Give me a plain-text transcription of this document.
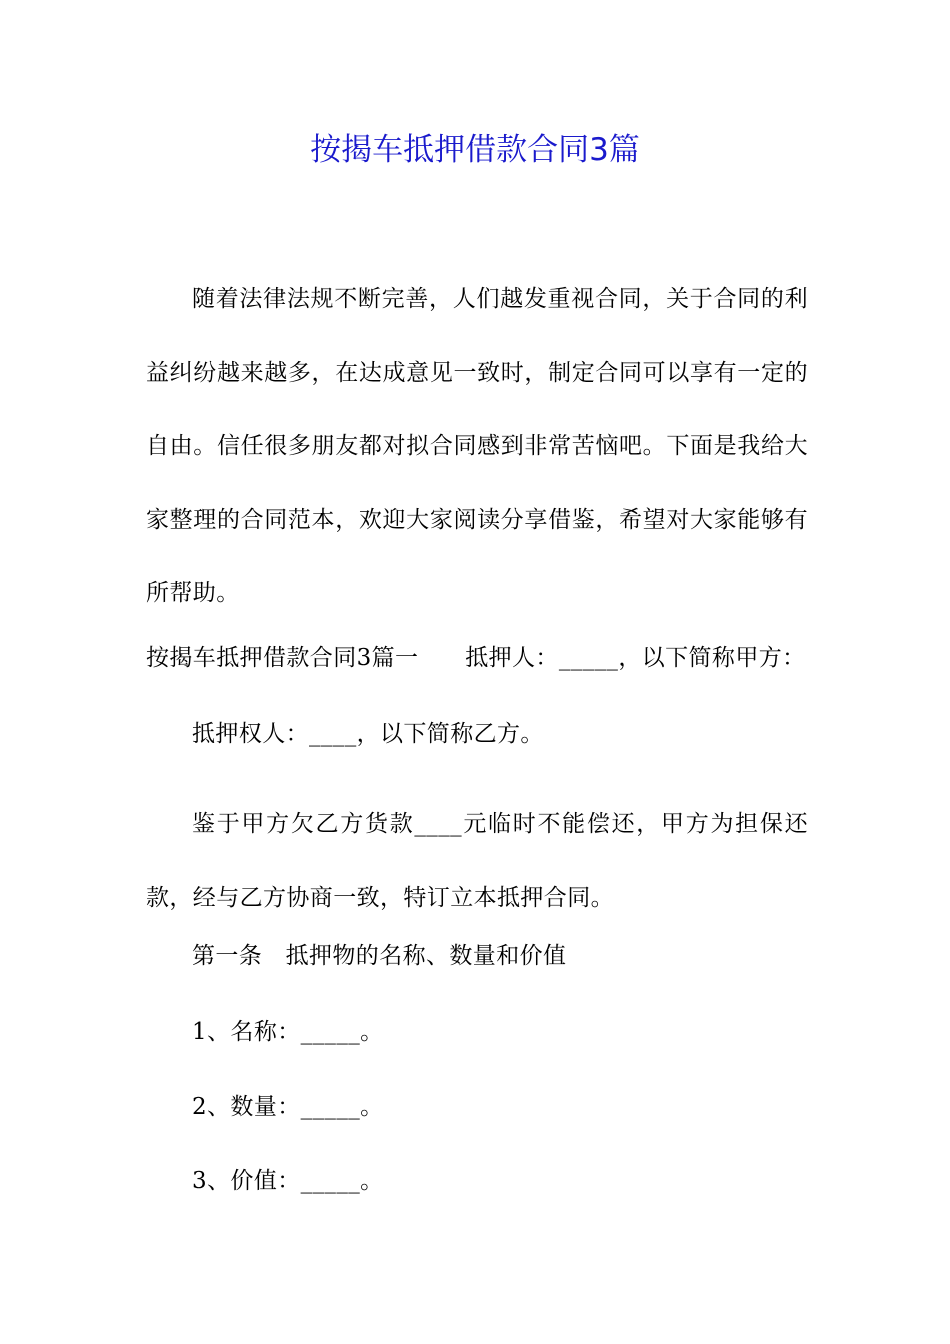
按揭车抵押借款合同3篇

随着法律法规不断完善，人们越发重视合同，关于合同的利益纠纷越来越多，在达成意见一致时，制定合同可以享有一定的自由。信任很多朋友都对拟合同感到非常苦恼吧。下面是我给大家整理的合同范本，欢迎大家阅读分享借鉴，希望对大家能够有所帮助。

按揭车抵押借款合同3篇一　　抵押人：_____，以下简称甲方：

抵押权人：____，以下简称乙方。

鉴于甲方欠乙方货款____元临时不能偿还，甲方为担保还款，经与乙方协商一致，特订立本抵押合同。

第一条　抵押物的名称、数量和价值

1、名称：_____。

2、数量：_____。

3、价值：_____。
